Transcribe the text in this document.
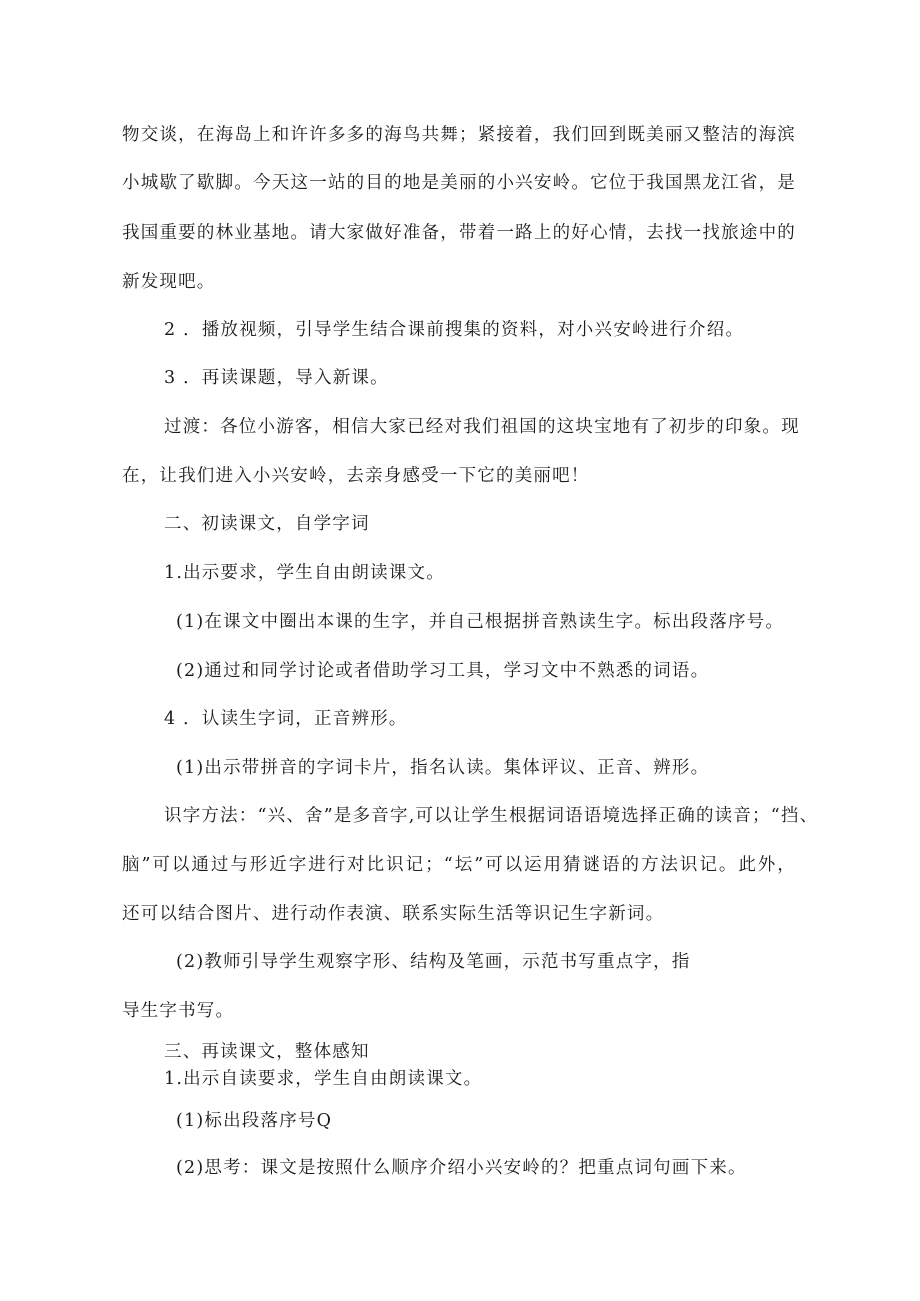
物交谈，在海岛上和许许多多的海鸟共舞；紧接着，我们回到既美丽又整洁的海滨
小城歇了歇脚。今天这一站的目的地是美丽的小兴安岭。它位于我国黑龙江省，是
我国重要的林业基地。请大家做好准备，带着一路上的好心情，去找一找旅途中的
新发现吧。
2 ．播放视频，引导学生结合课前搜集的资料，对小兴安岭进行介绍。
3 ．再读课题，导入新课。
过渡：各位小游客，相信大家已经对我们祖国的这块宝地有了初步的印象。现
在，让我们进入小兴安岭，去亲身感受一下它的美丽吧！
二、初读课文，自学字词
1.出示要求，学生自由朗读课文。
(1)在课文中圈出本课的生字，并自己根据拼音熟读生字。标出段落序号。
(2)通过和同学讨论或者借助学习工具，学习文中不熟悉的词语。
4 ．认读生字词，正音辨形。
(1)出示带拼音的字词卡片，指名认读。集体评议、正音、辨形。
识字方法：“兴、舍”是多音字,可以让学生根据词语语境选择正确的读音；“挡、
脑”可以通过与形近字进行对比识记；“坛”可以运用猜谜语的方法识记。此外，
还可以结合图片、进行动作表演、联系实际生活等识记生字新词。
(2)教师引导学生观察字形、结构及笔画，示范书写重点字，指
导生字书写。
三、再读课文，整体感知
1.出示自读要求，学生自由朗读课文。
(1)标出段落序号Q
(2)思考：课文是按照什么顺序介绍小兴安岭的？把重点词句画下来。
